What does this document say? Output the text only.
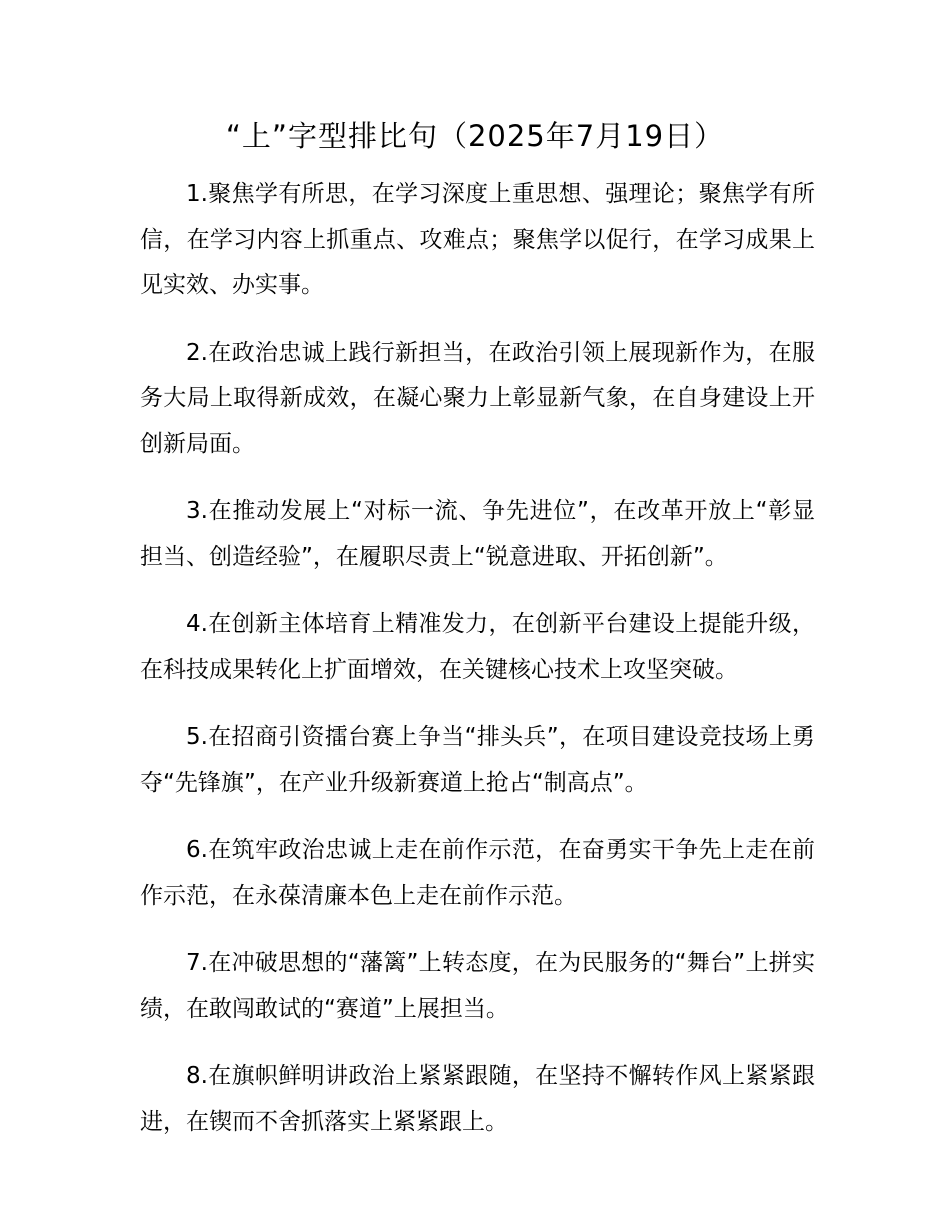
“上”字型排比句（2025年7月19日）

1.聚焦学有所思，在学习深度上重思想、强理论；聚焦学有所信，在学习内容上抓重点、攻难点；聚焦学以促行，在学习成果上见实效、办实事。

2.在政治忠诚上践行新担当，在政治引领上展现新作为，在服务大局上取得新成效，在凝心聚力上彰显新气象，在自身建设上开创新局面。

3.在推动发展上“对标一流、争先进位”，在改革开放上“彰显担当、创造经验”，在履职尽责上“锐意进取、开拓创新”。

4.在创新主体培育上精准发力，在创新平台建设上提能升级，在科技成果转化上扩面增效，在关键核心技术上攻坚突破。

5.在招商引资擂台赛上争当“排头兵”，在项目建设竞技场上勇夺“先锋旗”，在产业升级新赛道上抢占“制高点”。

6.在筑牢政治忠诚上走在前作示范，在奋勇实干争先上走在前作示范，在永葆清廉本色上走在前作示范。

7.在冲破思想的“藩篱”上转态度，在为民服务的“舞台”上拼实绩，在敢闯敢试的“赛道”上展担当。

8.在旗帜鲜明讲政治上紧紧跟随，在坚持不懈转作风上紧紧跟进，在锲而不舍抓落实上紧紧跟上。
